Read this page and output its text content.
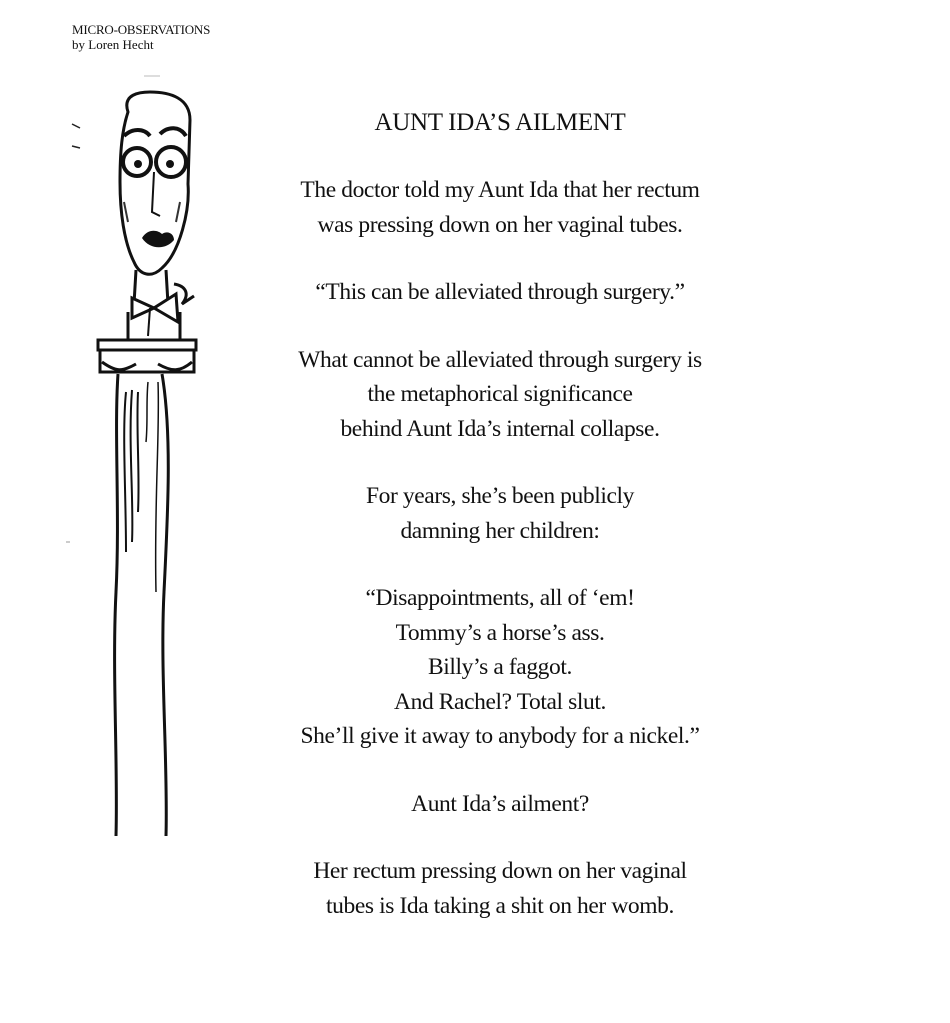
MICRO-OBSERVATIONS
by Loren Hecht
AUNT IDA’S AILMENT
The doctor told my Aunt Ida that her rectum
was pressing down on her vaginal tubes.
“This can be alleviated through surgery.”
What cannot be alleviated through surgery is
the metaphorical significance
behind Aunt Ida’s internal collapse.
For years, she’s been publicly
damning her children:
“Disappointments, all of ‘em!
Tommy’s a horse’s ass.
Billy’s a faggot.
And Rachel? Total slut.
She’ll give it away to anybody for a nickel.”
Aunt Ida’s ailment?
Her rectum pressing down on her vaginal
tubes is Ida taking a shit on her womb.
